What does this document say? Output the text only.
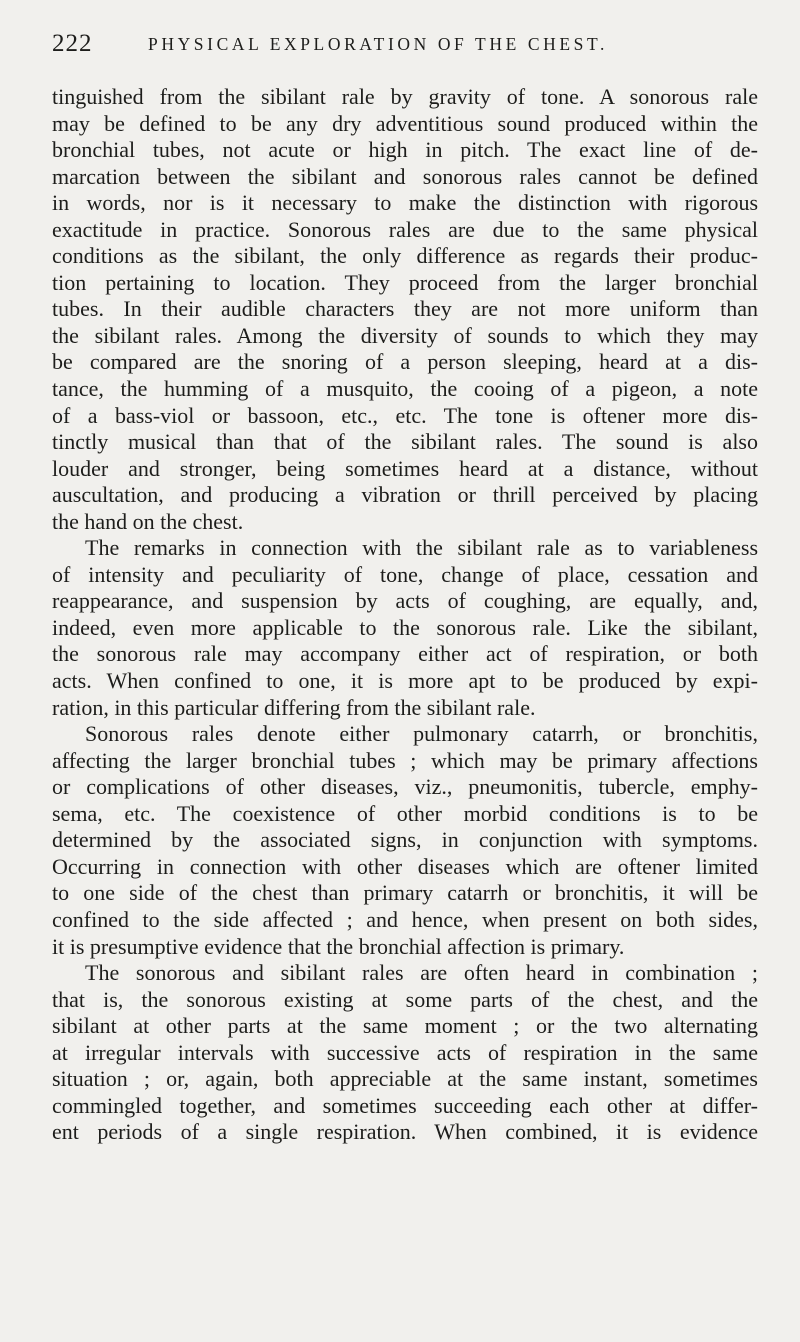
222	PHYSICAL EXPLORATION OF THE CHEST.
tinguished from the sibilant rale by gravity of tone. A sonorous rale
may be defined to be any dry adventitious sound produced within the
bronchial tubes, not acute or high in pitch. The exact line of de-
marcation between the sibilant and sonorous rales cannot be defined
in words, nor is it necessary to make the distinction with rigorous
exactitude in practice. Sonorous rales are due to the same physical
conditions as the sibilant, the only difference as regards their produc-
tion pertaining to location. They proceed from the larger bronchial
tubes. In their audible characters they are not more uniform than
the sibilant rales. Among the diversity of sounds to which they may
be compared are the snoring of a person sleeping, heard at a dis-
tance, the humming of a musquito, the cooing of a pigeon, a note
of a bass-viol or bassoon, etc., etc. The tone is oftener more dis-
tinctly musical than that of the sibilant rales. The sound is also
louder and stronger, being sometimes heard at a distance, without
auscultation, and producing a vibration or thrill perceived by placing
the hand on the chest.
The remarks in connection with the sibilant rale as to variableness
of intensity and peculiarity of tone, change of place, cessation and
reappearance, and suspension by acts of coughing, are equally, and,
indeed, even more applicable to the sonorous rale. Like the sibilant,
the sonorous rale may accompany either act of respiration, or both
acts. When confined to one, it is more apt to be produced by expi-
ration, in this particular differing from the sibilant rale.
Sonorous rales denote either pulmonary catarrh, or bronchitis,
affecting the larger bronchial tubes ; which may be primary affections
or complications of other diseases, viz., pneumonitis, tubercle, emphy-
sema, etc. The coexistence of other morbid conditions is to be
determined by the associated signs, in conjunction with symptoms.
Occurring in connection with other diseases which are oftener limited
to one side of the chest than primary catarrh or bronchitis, it will be
confined to the side affected ; and hence, when present on both sides,
it is presumptive evidence that the bronchial affection is primary.
The sonorous and sibilant rales are often heard in combination ;
that is, the sonorous existing at some parts of the chest, and the
sibilant at other parts at the same moment ; or the two alternating
at irregular intervals with successive acts of respiration in the same
situation ; or, again, both appreciable at the same instant, sometimes
commingled together, and sometimes succeeding each other at differ-
ent periods of a single respiration. When combined, it is evidence
